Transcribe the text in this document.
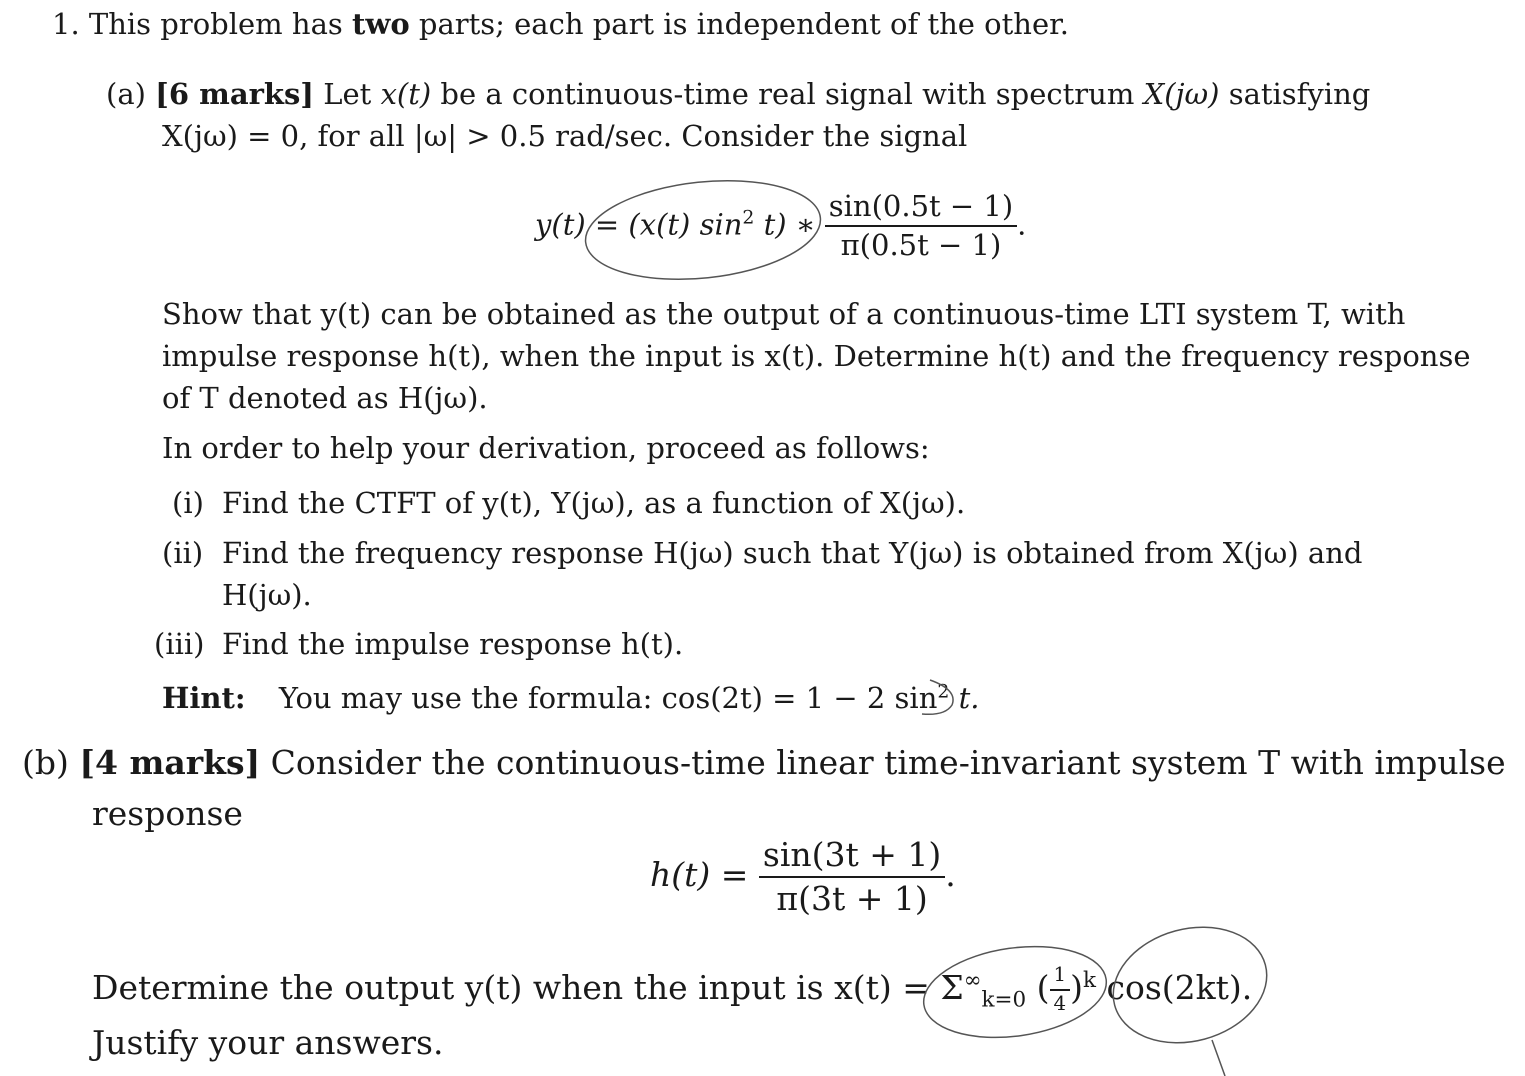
1. This problem has two parts; each part is independent of the other.
(a) [6 marks] Let x(t) be a continuous-time real signal with spectrum X(jω) satisfying
X(jω) = 0, for all |ω| > 0.5 rad/sec. Consider the signal
y(t) = (x(t) $\sin^2 t$) ∗ $\frac{\sin(0.5t - 1)}{\pi(0.5t - 1)}$ .
Show that y(t) can be obtained as the output of a continuous-time LTI system T, with
impulse response h(t), when the input is x(t). Determine h(t) and the frequency response
of T denoted as H(jω).
In order to help your derivation, proceed as follows:
(i) Find the CTFT of y(t), Y(jω), as a function of X(jω).
(ii) Find the frequency response H(jω) such that Y(jω) is obtained from X(jω) and
H(jω).
(iii) Find the impulse response h(t).
Hint: You may use the formula: cos(2t) = 1 − 2 $\sin^2 t$.
(b) [4 marks] Consider the continuous-time linear time-invariant system T with impulse
response
$h(t) = \frac{\sin(3t + 1)}{\pi(3t + 1)}$ .
Determine the output y(t) when the input is $x(t) = \Sigma^\infty_{k=0}$ ( $\frac{1}{4} )^k$ cos(2kt).
Justify your answers.
